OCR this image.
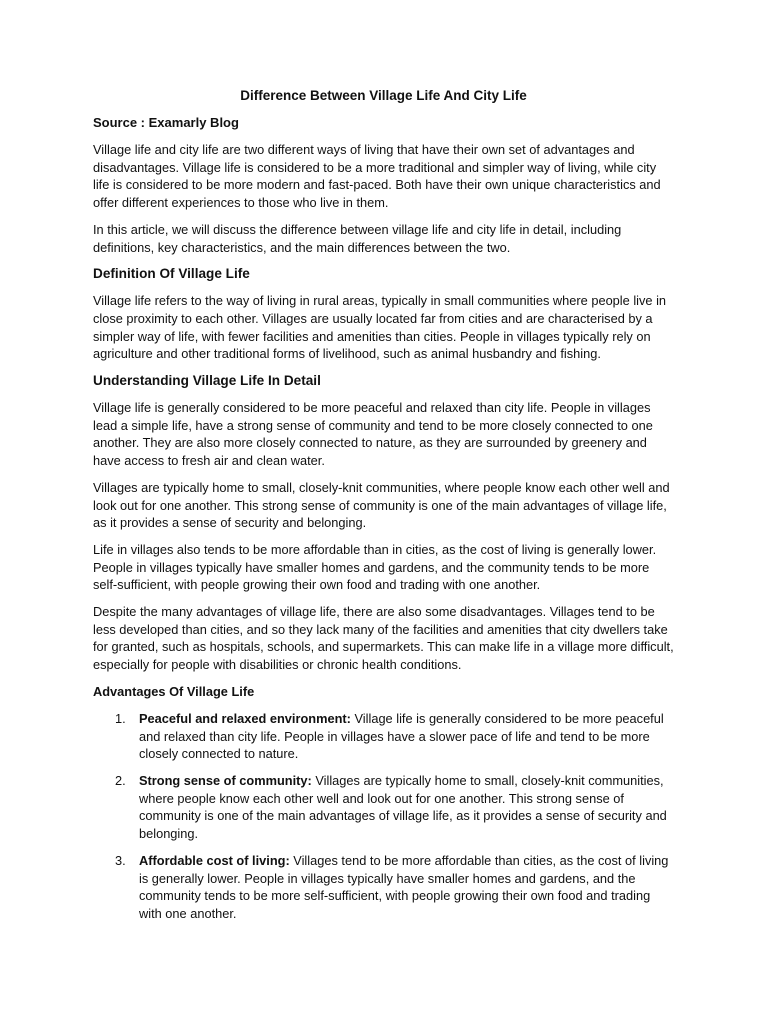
Difference Between Village Life And City Life
Source : Examarly Blog

Village life and city life are two different ways of living that have their own set of advantages and disadvantages. Village life is considered to be a more traditional and simpler way of living, while city life is considered to be more modern and fast-paced. Both have their own unique characteristics and offer different experiences to those who live in them.

In this article, we will discuss the difference between village life and city life in detail, including definitions, key characteristics, and the main differences between the two.

Definition Of Village Life

Village life refers to the way of living in rural areas, typically in small communities where people live in close proximity to each other. Villages are usually located far from cities and are characterised by a simpler way of life, with fewer facilities and amenities than cities. People in villages typically rely on agriculture and other traditional forms of livelihood, such as animal husbandry and fishing.

Understanding Village Life In Detail

Village life is generally considered to be more peaceful and relaxed than city life. People in villages lead a simple life, have a strong sense of community and tend to be more closely connected to one another. They are also more closely connected to nature, as they are surrounded by greenery and have access to fresh air and clean water.

Villages are typically home to small, closely-knit communities, where people know each other well and look out for one another. This strong sense of community is one of the main advantages of village life, as it provides a sense of security and belonging.

Life in villages also tends to be more affordable than in cities, as the cost of living is generally lower. People in villages typically have smaller homes and gardens, and the community tends to be more self-sufficient, with people growing their own food and trading with one another.

Despite the many advantages of village life, there are also some disadvantages. Villages tend to be less developed than cities, and so they lack many of the facilities and amenities that city dwellers take for granted, such as hospitals, schools, and supermarkets. This can make life in a village more difficult, especially for people with disabilities or chronic health conditions.

Advantages Of Village Life
1. Peaceful and relaxed environment: Village life is generally considered to be more peaceful and relaxed than city life. People in villages have a slower pace of life and tend to be more closely connected to nature.
2. Strong sense of community: Villages are typically home to small, closely-knit communities, where people know each other well and look out for one another. This strong sense of community is one of the main advantages of village life, as it provides a sense of security and belonging.
3. Affordable cost of living: Villages tend to be more affordable than cities, as the cost of living is generally lower. People in villages typically have smaller homes and gardens, and the community tends to be more self-sufficient, with people growing their own food and trading with one another.
